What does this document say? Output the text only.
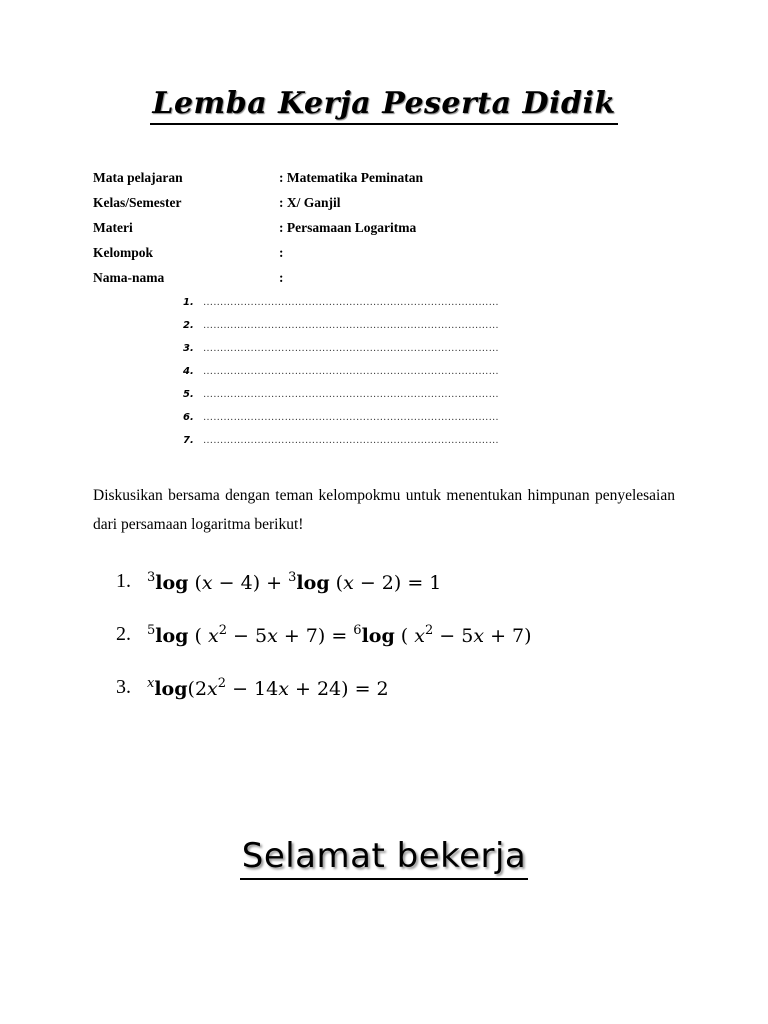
Lemba Kerja Peserta Didik
Mata pelajaran	: Matematika Peminatan
Kelas/Semester	: X/ Ganjil
Materi	: Persamaan Logaritma
Kelompok	:
Nama-nama	:
1. ……………………………………………………………………………
2. ……………………………………………………………………………
3. ……………………………………………………………………………
4. ……………………………………………………………………………
5. ……………………………………………………………………………
6. ……………………………………………………………………………
7. ……………………………………………………………………………
Diskusikan bersama dengan teman kelompokmu untuk menentukan himpunan penyelesaian dari persamaan logaritma berikut!
1.	$^3$log (x − 4) + $^3$log (x − 2) = 1
2.	$^5$log ( $x^2 - 5x + 7) = ^6\log$ ( $x^2 - 5x + 7$)
3.	$^x\log(2x^2 - 14x + 24) = 2$
Selamat bekerja
